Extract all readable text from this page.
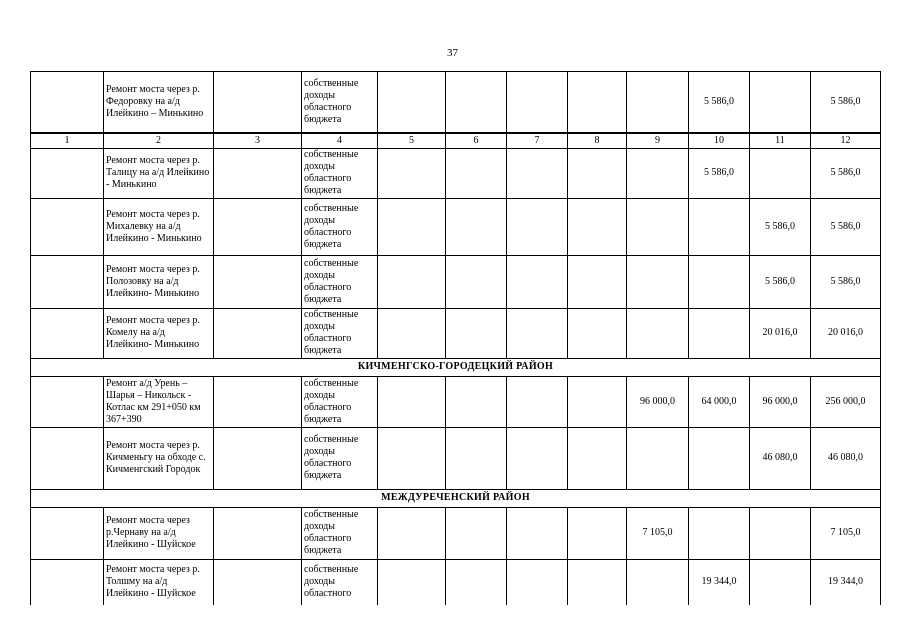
37
	Ремонт моста через р. Федоровку на а/д Илейкино – Минькино		собственные доходы областного бюджета						5 586,0		5 586,0
1	2	3	4	5	6	7	8	9	10	11	12
	Ремонт моста через р. Талицу на а/д Илейкино - Минькино		собственные доходы областного бюджета						5 586,0		5 586,0
	Ремонт моста через р. Михалевку на а/д Илейкино - Минькино		собственные доходы областного бюджета							5 586,0	5 586,0
	Ремонт моста через р. Полозовку на а/д Илейкино- Минькино		собственные доходы областного бюджета							5 586,0	5 586,0
	Ремонт моста через р. Комелу на а/д Илейкино- Минькино		собственные доходы областного бюджета							20 016,0	20 016,0
КИЧМЕНГСКО-ГОРОДЕЦКИЙ РАЙОН											
	Ремонт а/д Урень – Шарья – Никольск - Котлас км 291+050 км 367+390		собственные доходы областного бюджета					96 000,0	64 000,0	96 000,0	256 000,0
	Ремонт моста через р. Кичменьгу на обходе с. Кичменгский Городок		собственные доходы областного бюджета							46 080,0	46 080,0
МЕЖДУРЕЧЕНСКИЙ РАЙОН											
	Ремонт моста через р.Чернаву на а/д Илейкино - Шуйское		собственные доходы областного бюджета					7 105,0			7 105,0
	Ремонт моста через р. Толшму на а/д Илейкино - Шуйское		собственные доходы областного						19 344,0		19 344,0
